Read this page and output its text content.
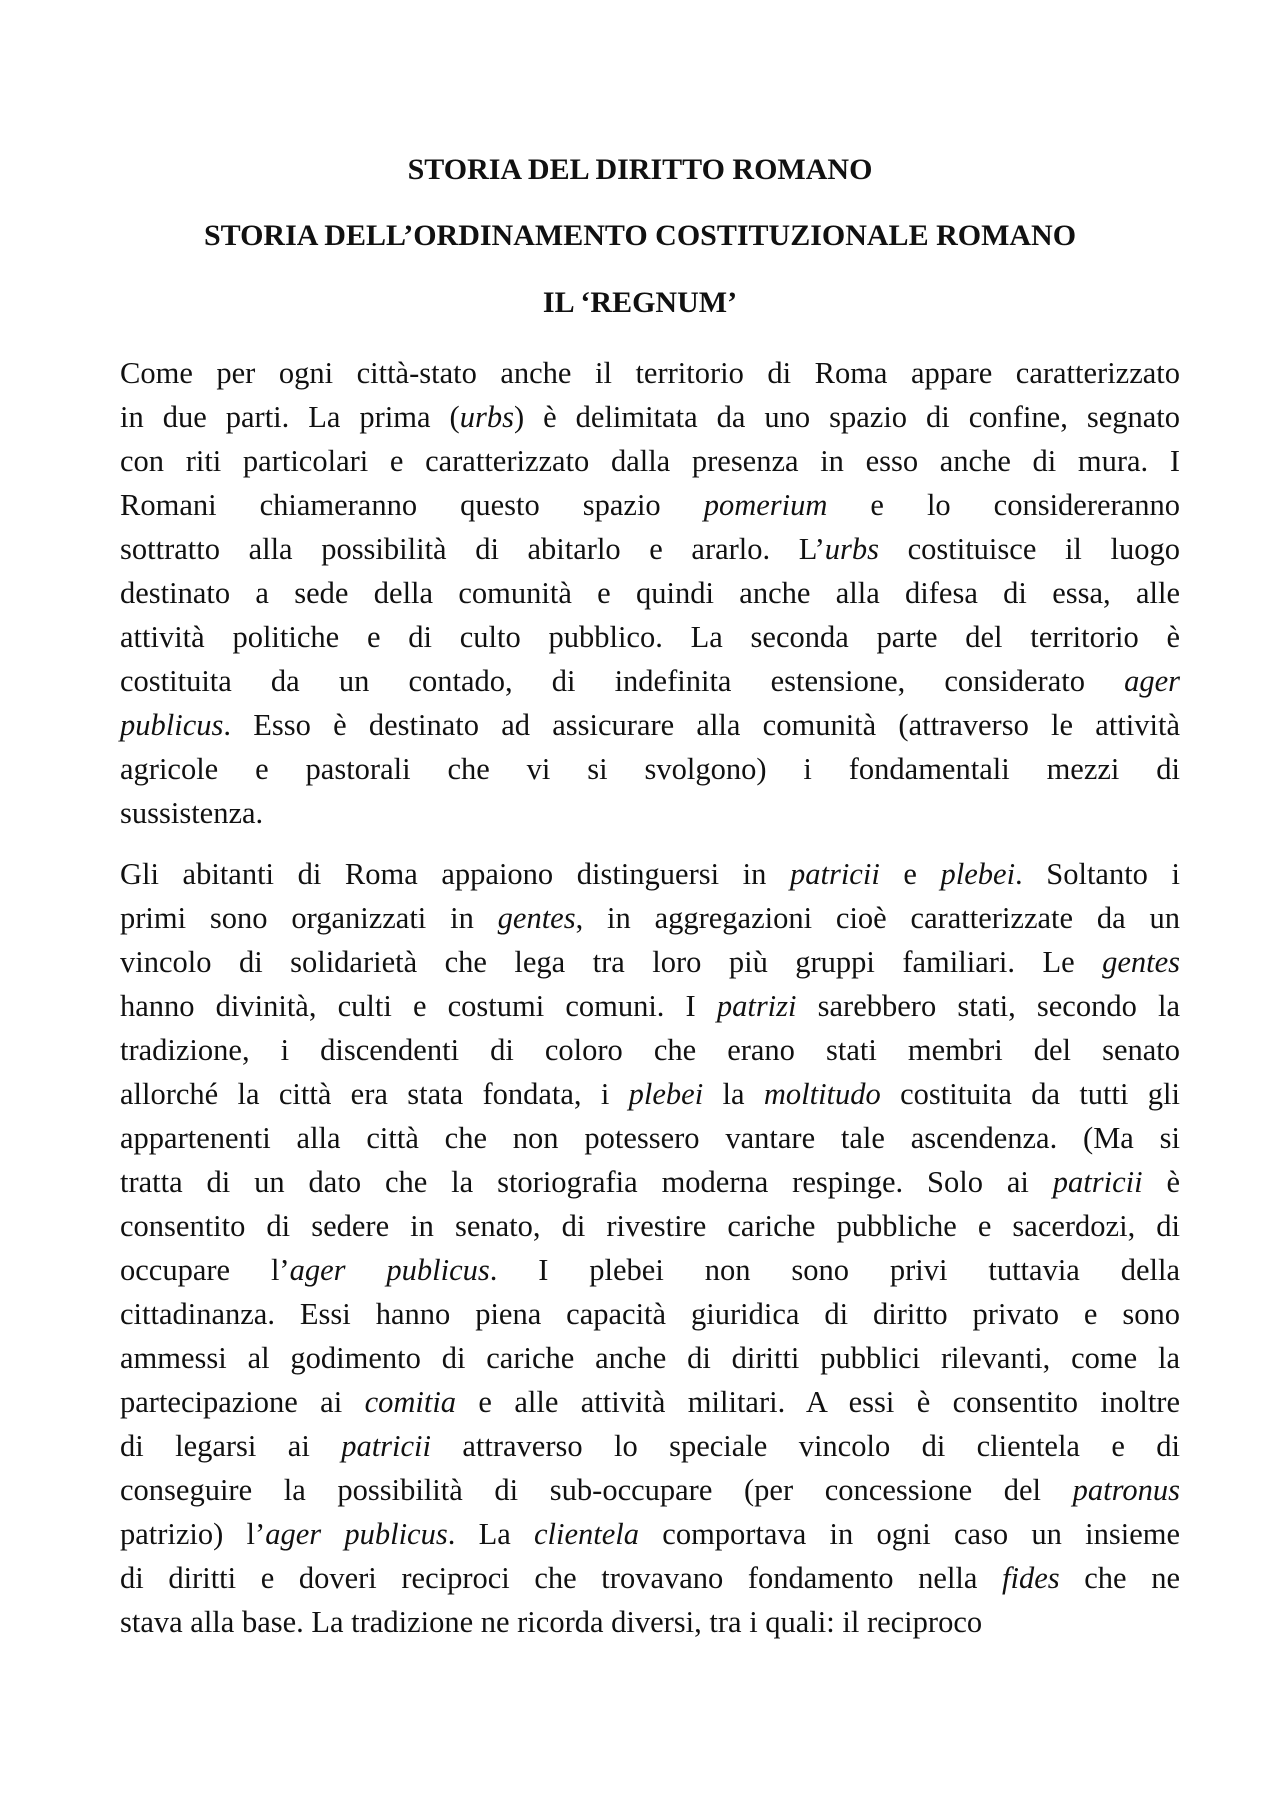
STORIA DEL DIRITTO ROMANO
STORIA DELL’ORDINAMENTO COSTITUZIONALE ROMANO
IL ‘REGNUM’

Come per ogni città-stato anche il territorio di Roma appare caratterizzato
in due parti. La prima (urbs) è delimitata da uno spazio di confine, segnato
con riti particolari e caratterizzato dalla presenza in esso anche di mura. I
Romani chiameranno questo spazio pomerium e lo considereranno
sottratto alla possibilità di abitarlo e ararlo. L’urbs costituisce il luogo
destinato a sede della comunità e quindi anche alla difesa di essa, alle
attività politiche e di culto pubblico. La seconda parte del territorio è
costituita da un contado, di indefinita estensione, considerato ager
publicus. Esso è destinato ad assicurare alla comunità (attraverso le attività
agricole e pastorali che vi si svolgono) i fondamentali mezzi di
sussistenza.

Gli abitanti di Roma appaiono distinguersi in patricii e plebei. Soltanto i
primi sono organizzati in gentes, in aggregazioni cioè caratterizzate da un
vincolo di solidarietà che lega tra loro più gruppi familiari. Le gentes
hanno divinità, culti e costumi comuni. I patrizi sarebbero stati, secondo la
tradizione, i discendenti di coloro che erano stati membri del senato
allorché la città era stata fondata, i plebei la moltitudo costituita da tutti gli
appartenenti alla città che non potessero vantare tale ascendenza. (Ma si
tratta di un dato che la storiografia moderna respinge. Solo ai patricii è
consentito di sedere in senato, di rivestire cariche pubbliche e sacerdozi, di
occupare l’ager publicus. I plebei non sono privi tuttavia della
cittadinanza. Essi hanno piena capacità giuridica di diritto privato e sono
ammessi al godimento di cariche anche di diritti pubblici rilevanti, come la
partecipazione ai comitia e alle attività militari. A essi è consentito inoltre
di legarsi ai patricii attraverso lo speciale vincolo di clientela e di
conseguire la possibilità di sub-occupare (per concessione del patronus
patrizio) l’ager publicus. La clientela comportava in ogni caso un insieme
di diritti e doveri reciproci che trovavano fondamento nella fides che ne
stava alla base. La tradizione ne ricorda diversi, tra i quali: il reciproco
